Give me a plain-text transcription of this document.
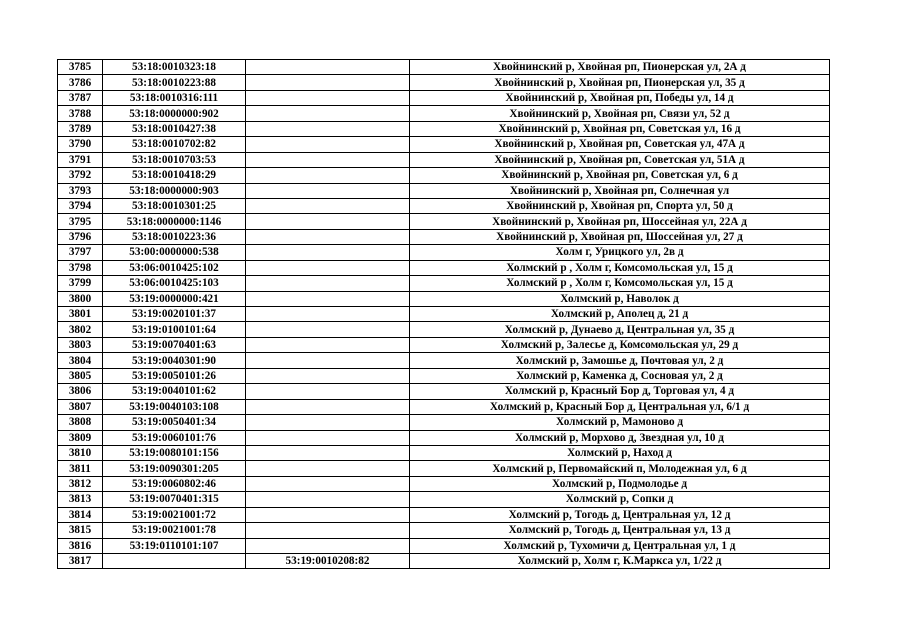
3785	53:18:0010323:18		Хвойнинский р, Хвойная рп, Пионерская ул, 2А д
3786	53:18:0010223:88		Хвойнинский р, Хвойная рп, Пионерская ул, 35 д
3787	53:18:0010316:111		Хвойнинский р, Хвойная рп, Победы ул, 14 д
3788	53:18:0000000:902		Хвойнинский р, Хвойная рп, Связи ул, 52 д
3789	53:18:0010427:38		Хвойнинский р, Хвойная рп, Советская ул, 16 д
3790	53:18:0010702:82		Хвойнинский р, Хвойная рп, Советская ул, 47А д
3791	53:18:0010703:53		Хвойнинский р, Хвойная рп, Советская ул, 51А д
3792	53:18:0010418:29		Хвойнинский р, Хвойная рп, Советская ул, 6 д
3793	53:18:0000000:903		Хвойнинский р, Хвойная рп, Солнечная ул
3794	53:18:0010301:25		Хвойнинский р, Хвойная рп, Спорта ул, 50 д
3795	53:18:0000000:1146		Хвойнинский р, Хвойная рп, Шоссейная ул, 22А д
3796	53:18:0010223:36		Хвойнинский р, Хвойная рп, Шоссейная ул, 27 д
3797	53:00:0000000:538		Холм г, Урицкого ул, 2в д
3798	53:06:0010425:102		Холмский р , Холм г, Комсомольская ул, 15 д
3799	53:06:0010425:103		Холмский р , Холм г, Комсомольская ул, 15 д
3800	53:19:0000000:421		Холмский р, Наволок д
3801	53:19:0020101:37		Холмский р, Аполец д, 21 д
3802	53:19:0100101:64		Холмский р, Дунаево д, Центральная ул, 35 д
3803	53:19:0070401:63		Холмский р, Залесье д, Комсомольская ул, 29 д
3804	53:19:0040301:90		Холмский р, Замошье д, Почтовая ул, 2 д
3805	53:19:0050101:26		Холмский р, Каменка д, Сосновая ул, 2 д
3806	53:19:0040101:62		Холмский р, Красный Бор д, Торговая ул, 4 д
3807	53:19:0040103:108		Холмский р, Красный Бор д, Центральная ул, 6/1 д
3808	53:19:0050401:34		Холмский р, Мамоново д
3809	53:19:0060101:76		Холмский р, Морхово д, Звездная ул, 10 д
3810	53:19:0080101:156		Холмский р, Наход д
3811	53:19:0090301:205		Холмский р, Первомайский п, Молодежная ул, 6 д
3812	53:19:0060802:46		Холмский р, Подмолодье д
3813	53:19:0070401:315		Холмский р, Сопки д
3814	53:19:0021001:72		Холмский р, Тогодь д, Центральная ул, 12 д
3815	53:19:0021001:78		Холмский р, Тогодь д, Центральная ул, 13 д
3816	53:19:0110101:107		Холмский р, Тухомичи д, Центральная ул, 1 д
3817		53:19:0010208:82	Холмский р, Холм г, К.Маркса ул, 1/22 д
